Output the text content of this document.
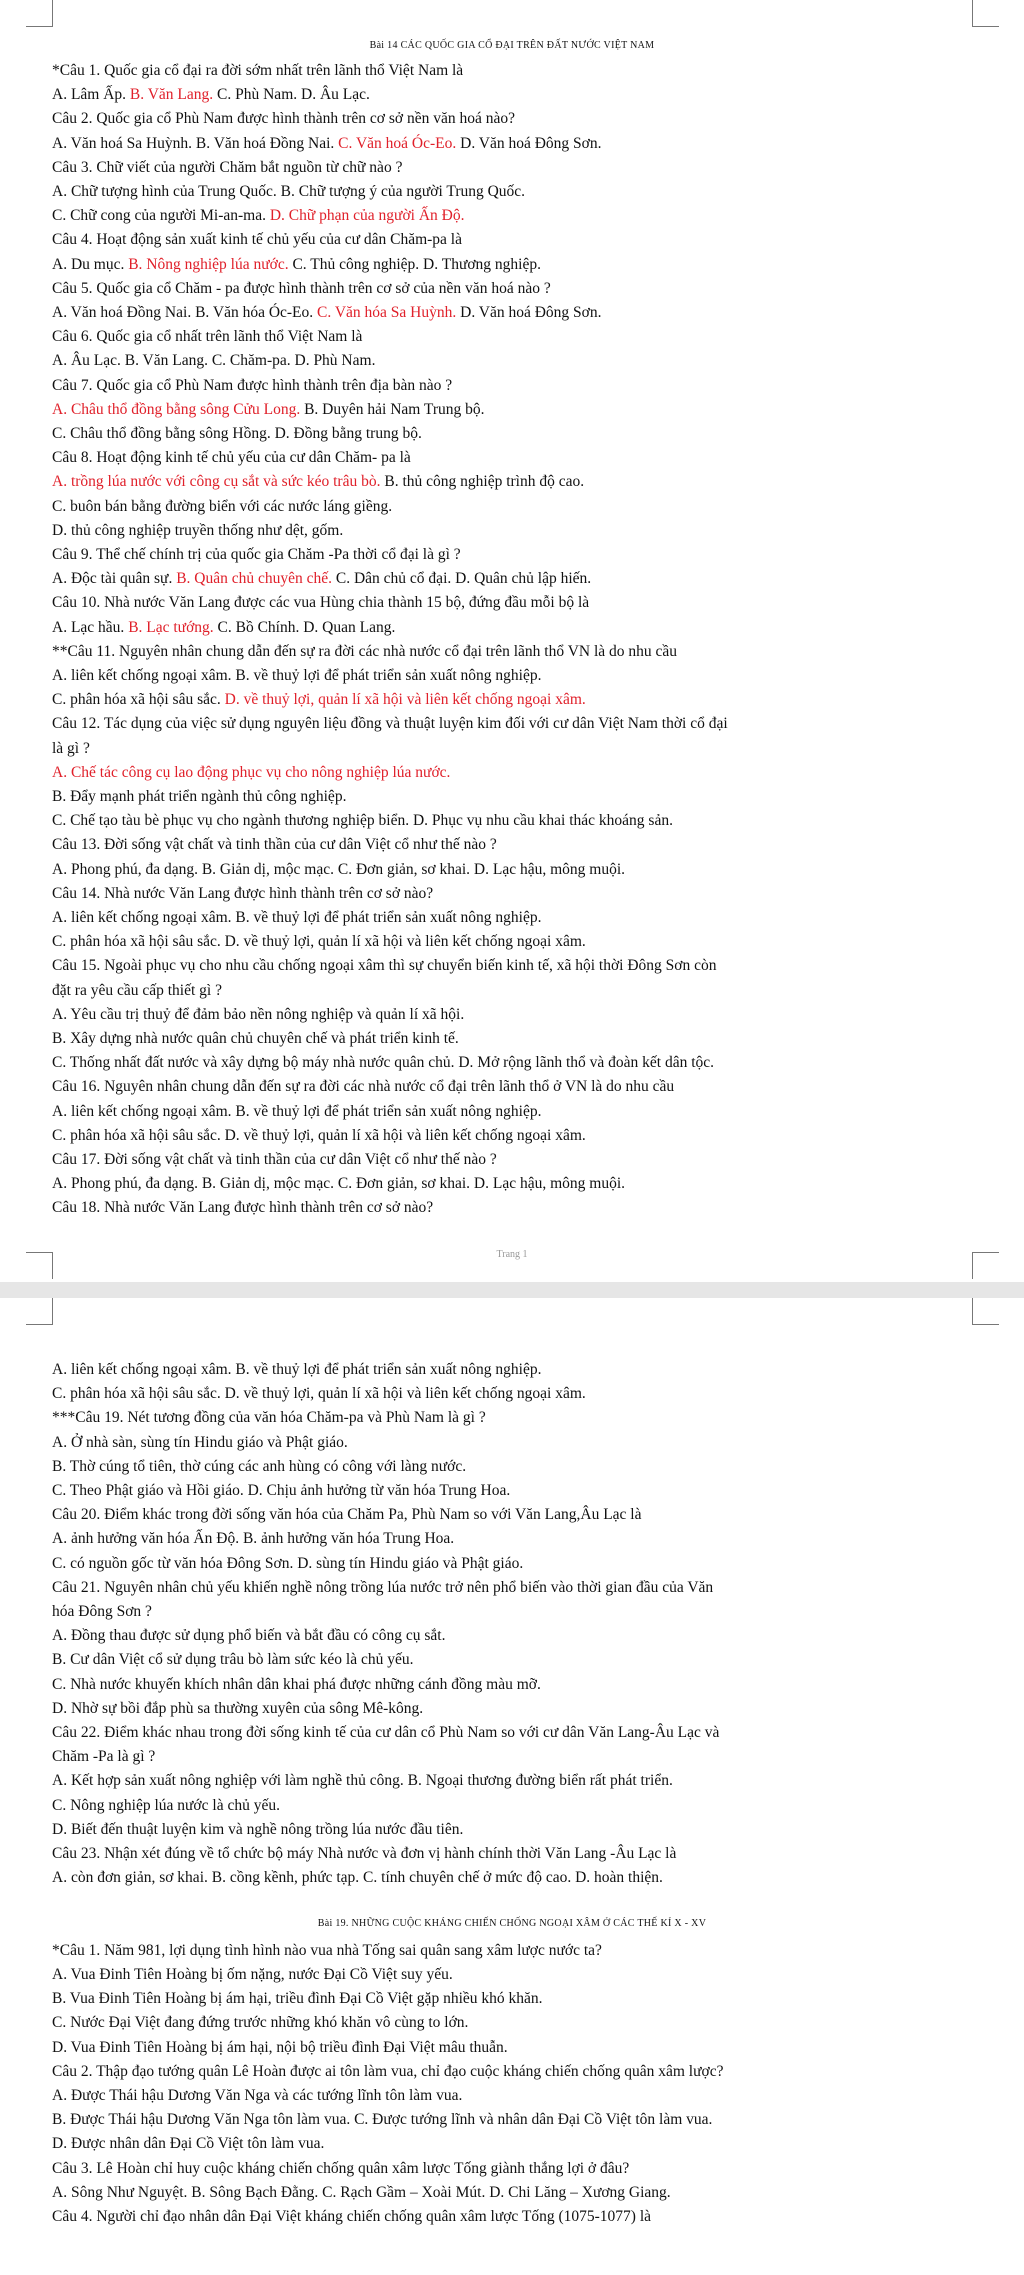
Bài 14 CÁC QUỐC GIA CỔ ĐẠI TRÊN ĐẤT NƯỚC VIỆT NAM
*Câu 1. Quốc gia cổ đại ra đời sớm nhất trên lãnh thổ Việt Nam là
A. Lâm Ấp. B. Văn Lang. C. Phù Nam. D. Âu Lạc.
Câu 2. Quốc gia cổ Phù Nam được hình thành trên cơ sở nền văn hoá nào?
A. Văn hoá Sa Huỳnh. B. Văn hoá Đồng Nai. C. Văn hoá Óc-Eo. D. Văn hoá Đông Sơn.
Câu 3. Chữ viết của người Chăm bắt nguồn từ chữ nào ?
A. Chữ tượng hình của Trung Quốc. B. Chữ tượng ý của người Trung Quốc.
C. Chữ cong của người Mi-an-ma. D. Chữ phạn của người Ấn Độ.
Câu 4. Hoạt động sản xuất kinh tế chủ yếu của cư dân Chăm-pa là
A. Du mục. B. Nông nghiệp lúa nước. C. Thủ công nghiệp. D. Thương nghiệp.
Câu 5. Quốc gia cổ Chăm - pa được hình thành trên cơ sở của nền văn hoá nào ?
A. Văn hoá Đồng Nai. B. Văn hóa Óc-Eo. C. Văn hóa Sa Huỳnh. D. Văn hoá Đông Sơn.
Câu 6. Quốc gia cổ nhất trên lãnh thổ Việt Nam là
A. Âu Lạc. B. Văn Lang. C. Chăm-pa. D. Phù Nam.
Câu 7. Quốc gia cổ Phù Nam được hình thành trên địa bàn nào ?
A. Châu thổ đồng bằng sông Cửu Long. B. Duyên hải Nam Trung bộ.
C. Châu thổ đồng bằng sông Hồng. D. Đồng bằng trung bộ.
Câu 8. Hoạt động kinh tế chủ yếu của cư dân Chăm- pa là
A. trồng lúa nước với công cụ sắt và sức kéo trâu bò. B. thủ công nghiệp trình độ cao.
C. buôn bán bằng đường biển với các nước láng giềng.
D. thủ công nghiệp truyền thống như dệt, gốm.
Câu 9. Thể chế chính trị của quốc gia Chăm -Pa thời cổ đại là gì ?
A. Độc tài quân sự. B. Quân chủ chuyên chế. C. Dân chủ cổ đại. D. Quân chủ lập hiến.
Câu 10. Nhà nước Văn Lang được các vua Hùng chia thành 15 bộ, đứng đầu mỗi bộ là
A. Lạc hầu. B. Lạc tướng. C. Bồ Chính. D. Quan Lang.
**Câu 11. Nguyên nhân chung dẫn đến sự ra đời các nhà nước cổ đại trên lãnh thổ VN là do nhu cầu
A. liên kết chống ngoại xâm. B. về thuỷ lợi để phát triển sản xuất nông nghiệp.
C. phân hóa xã hội sâu sắc. D. về thuỷ lợi, quản lí xã hội và liên kết chống ngoại xâm.
Câu 12. Tác dụng của việc sử dụng nguyên liệu đồng và thuật luyện kim đối với cư dân Việt Nam thời cổ đại
là gì ?
A. Chế tác công cụ lao động phục vụ cho nông nghiệp lúa nước.
B. Đẩy mạnh phát triển ngành thủ công nghiệp.
C. Chế tạo tàu bè phục vụ cho ngành thương nghiệp biển. D. Phục vụ nhu cầu khai thác khoáng sản.
Câu 13. Đời sống vật chất và tinh thần của cư dân Việt cổ như thế nào ?
A. Phong phú, đa dạng. B. Giản dị, mộc mạc. C. Đơn giản, sơ khai. D. Lạc hậu, mông muội.
Câu 14. Nhà nước Văn Lang được hình thành trên cơ sở nào?
A. liên kết chống ngoại xâm. B. về thuỷ lợi để phát triển sản xuất nông nghiệp.
C. phân hóa xã hội sâu sắc. D. về thuỷ lợi, quản lí xã hội và liên kết chống ngoại xâm.
Câu 15. Ngoài phục vụ cho nhu cầu chống ngoại xâm thì sự chuyển biến kinh tế, xã hội thời Đông Sơn còn
đặt ra yêu cầu cấp thiết gì ?
A. Yêu cầu trị thuỷ để đảm bảo nền nông nghiệp và quản lí xã hội.
B. Xây dựng nhà nước quân chủ chuyên chế và phát triển kinh tế.
C. Thống nhất đất nước và xây dựng bộ máy nhà nước quân chủ. D. Mở rộng lãnh thổ và đoàn kết dân tộc.
Câu 16. Nguyên nhân chung dẫn đến sự ra đời các nhà nước cổ đại trên lãnh thổ ở VN là do nhu cầu
A. liên kết chống ngoại xâm. B. về thuỷ lợi để phát triển sản xuất nông nghiệp.
C. phân hóa xã hội sâu sắc. D. về thuỷ lợi, quản lí xã hội và liên kết chống ngoại xâm.
Câu 17. Đời sống vật chất và tinh thần của cư dân Việt cổ như thế nào ?
A. Phong phú, đa dạng. B. Giản dị, mộc mạc. C. Đơn giản, sơ khai. D. Lạc hậu, mông muội.
Câu 18. Nhà nước Văn Lang được hình thành trên cơ sở nào?
Trang 1
A. liên kết chống ngoại xâm. B. về thuỷ lợi để phát triển sản xuất nông nghiệp.
C. phân hóa xã hội sâu sắc. D. về thuỷ lợi, quản lí xã hội và liên kết chống ngoại xâm.
***Câu 19. Nét tương đồng của văn hóa Chăm-pa và Phù Nam là gì ?
A. Ở nhà sàn, sùng tín Hindu giáo và Phật giáo.
B. Thờ cúng tổ tiên, thờ cúng các anh hùng có công với làng nước.
C. Theo Phật giáo và Hồi giáo. D. Chịu ảnh hưởng từ văn hóa Trung Hoa.
Câu 20. Điểm khác trong đời sống văn hóa của Chăm Pa, Phù Nam so với Văn Lang,Âu Lạc là
A. ảnh hưởng văn hóa Ấn Độ. B. ảnh hưởng văn hóa Trung Hoa.
C. có nguồn gốc từ văn hóa Đông Sơn. D. sùng tín Hindu giáo và Phật giáo.
Câu 21. Nguyên nhân chủ yếu khiến nghề nông trồng lúa nước trở nên phổ biến vào thời gian đầu của Văn
hóa Đông Sơn ?
A. Đồng thau được sử dụng phổ biến và bắt đầu có công cụ sắt.
B. Cư dân Việt cổ sử dụng trâu bò làm sức kéo là chủ yếu.
C. Nhà nước khuyến khích nhân dân khai phá được những cánh đồng màu mỡ.
D. Nhờ sự bồi đắp phù sa thường xuyên của sông Mê-kông.
Câu 22. Điểm khác nhau trong đời sống kinh tế của cư dân cổ Phù Nam so với cư dân Văn Lang-Âu Lạc và
Chăm -Pa là gì ?
A. Kết hợp sản xuất nông nghiệp với làm nghề thủ công. B. Ngoại thương đường biển rất phát triển.
C. Nông nghiệp lúa nước là chủ yếu.
D. Biết đến thuật luyện kim và nghề nông trồng lúa nước đầu tiên.
Câu 23. Nhận xét đúng về tổ chức bộ máy Nhà nước và đơn vị hành chính thời Văn Lang -Âu Lạc là
A. còn đơn giản, sơ khai. B. cồng kềnh, phức tạp. C. tính chuyên chế ở mức độ cao. D. hoàn thiện.
Bài 19. NHỮNG CUỘC KHÁNG CHIẾN CHỐNG NGOẠI XÂM Ở CÁC THẾ KỈ X - XV
*Câu 1. Năm 981, lợi dụng tình hình nào vua nhà Tống sai quân sang xâm lược nước ta?
A. Vua Đinh Tiên Hoàng bị ốm nặng, nước Đại Cồ Việt suy yếu.
B. Vua Đinh Tiên Hoàng bị ám hại, triều đình Đại Cồ Việt gặp nhiều khó khăn.
C. Nước Đại Việt đang đứng trước những khó khăn vô cùng to lớn.
D. Vua Đinh Tiên Hoàng bị ám hại, nội bộ triều đình Đại Việt mâu thuẫn.
Câu 2. Thập đạo tướng quân Lê Hoàn được ai tôn làm vua, chỉ đạo cuộc kháng chiến chống quân xâm lược?
A. Được Thái hậu Dương Văn Nga và các tướng lĩnh tôn làm vua.
B. Được Thái hậu Dương Văn Nga tôn làm vua. C. Được tướng lĩnh và nhân dân Đại Cồ Việt tôn làm vua.
D. Được nhân dân Đại Cồ Việt tôn làm vua.
Câu 3. Lê Hoàn chỉ huy cuộc kháng chiến chống quân xâm lược Tống giành thắng lợi ở đâu?
A. Sông Như Nguyệt. B. Sông Bạch Đằng. C. Rạch Gầm – Xoài Mút. D. Chi Lăng – Xương Giang.
Câu 4. Người chỉ đạo nhân dân Đại Việt kháng chiến chống quân xâm lược Tống (1075-1077) là
